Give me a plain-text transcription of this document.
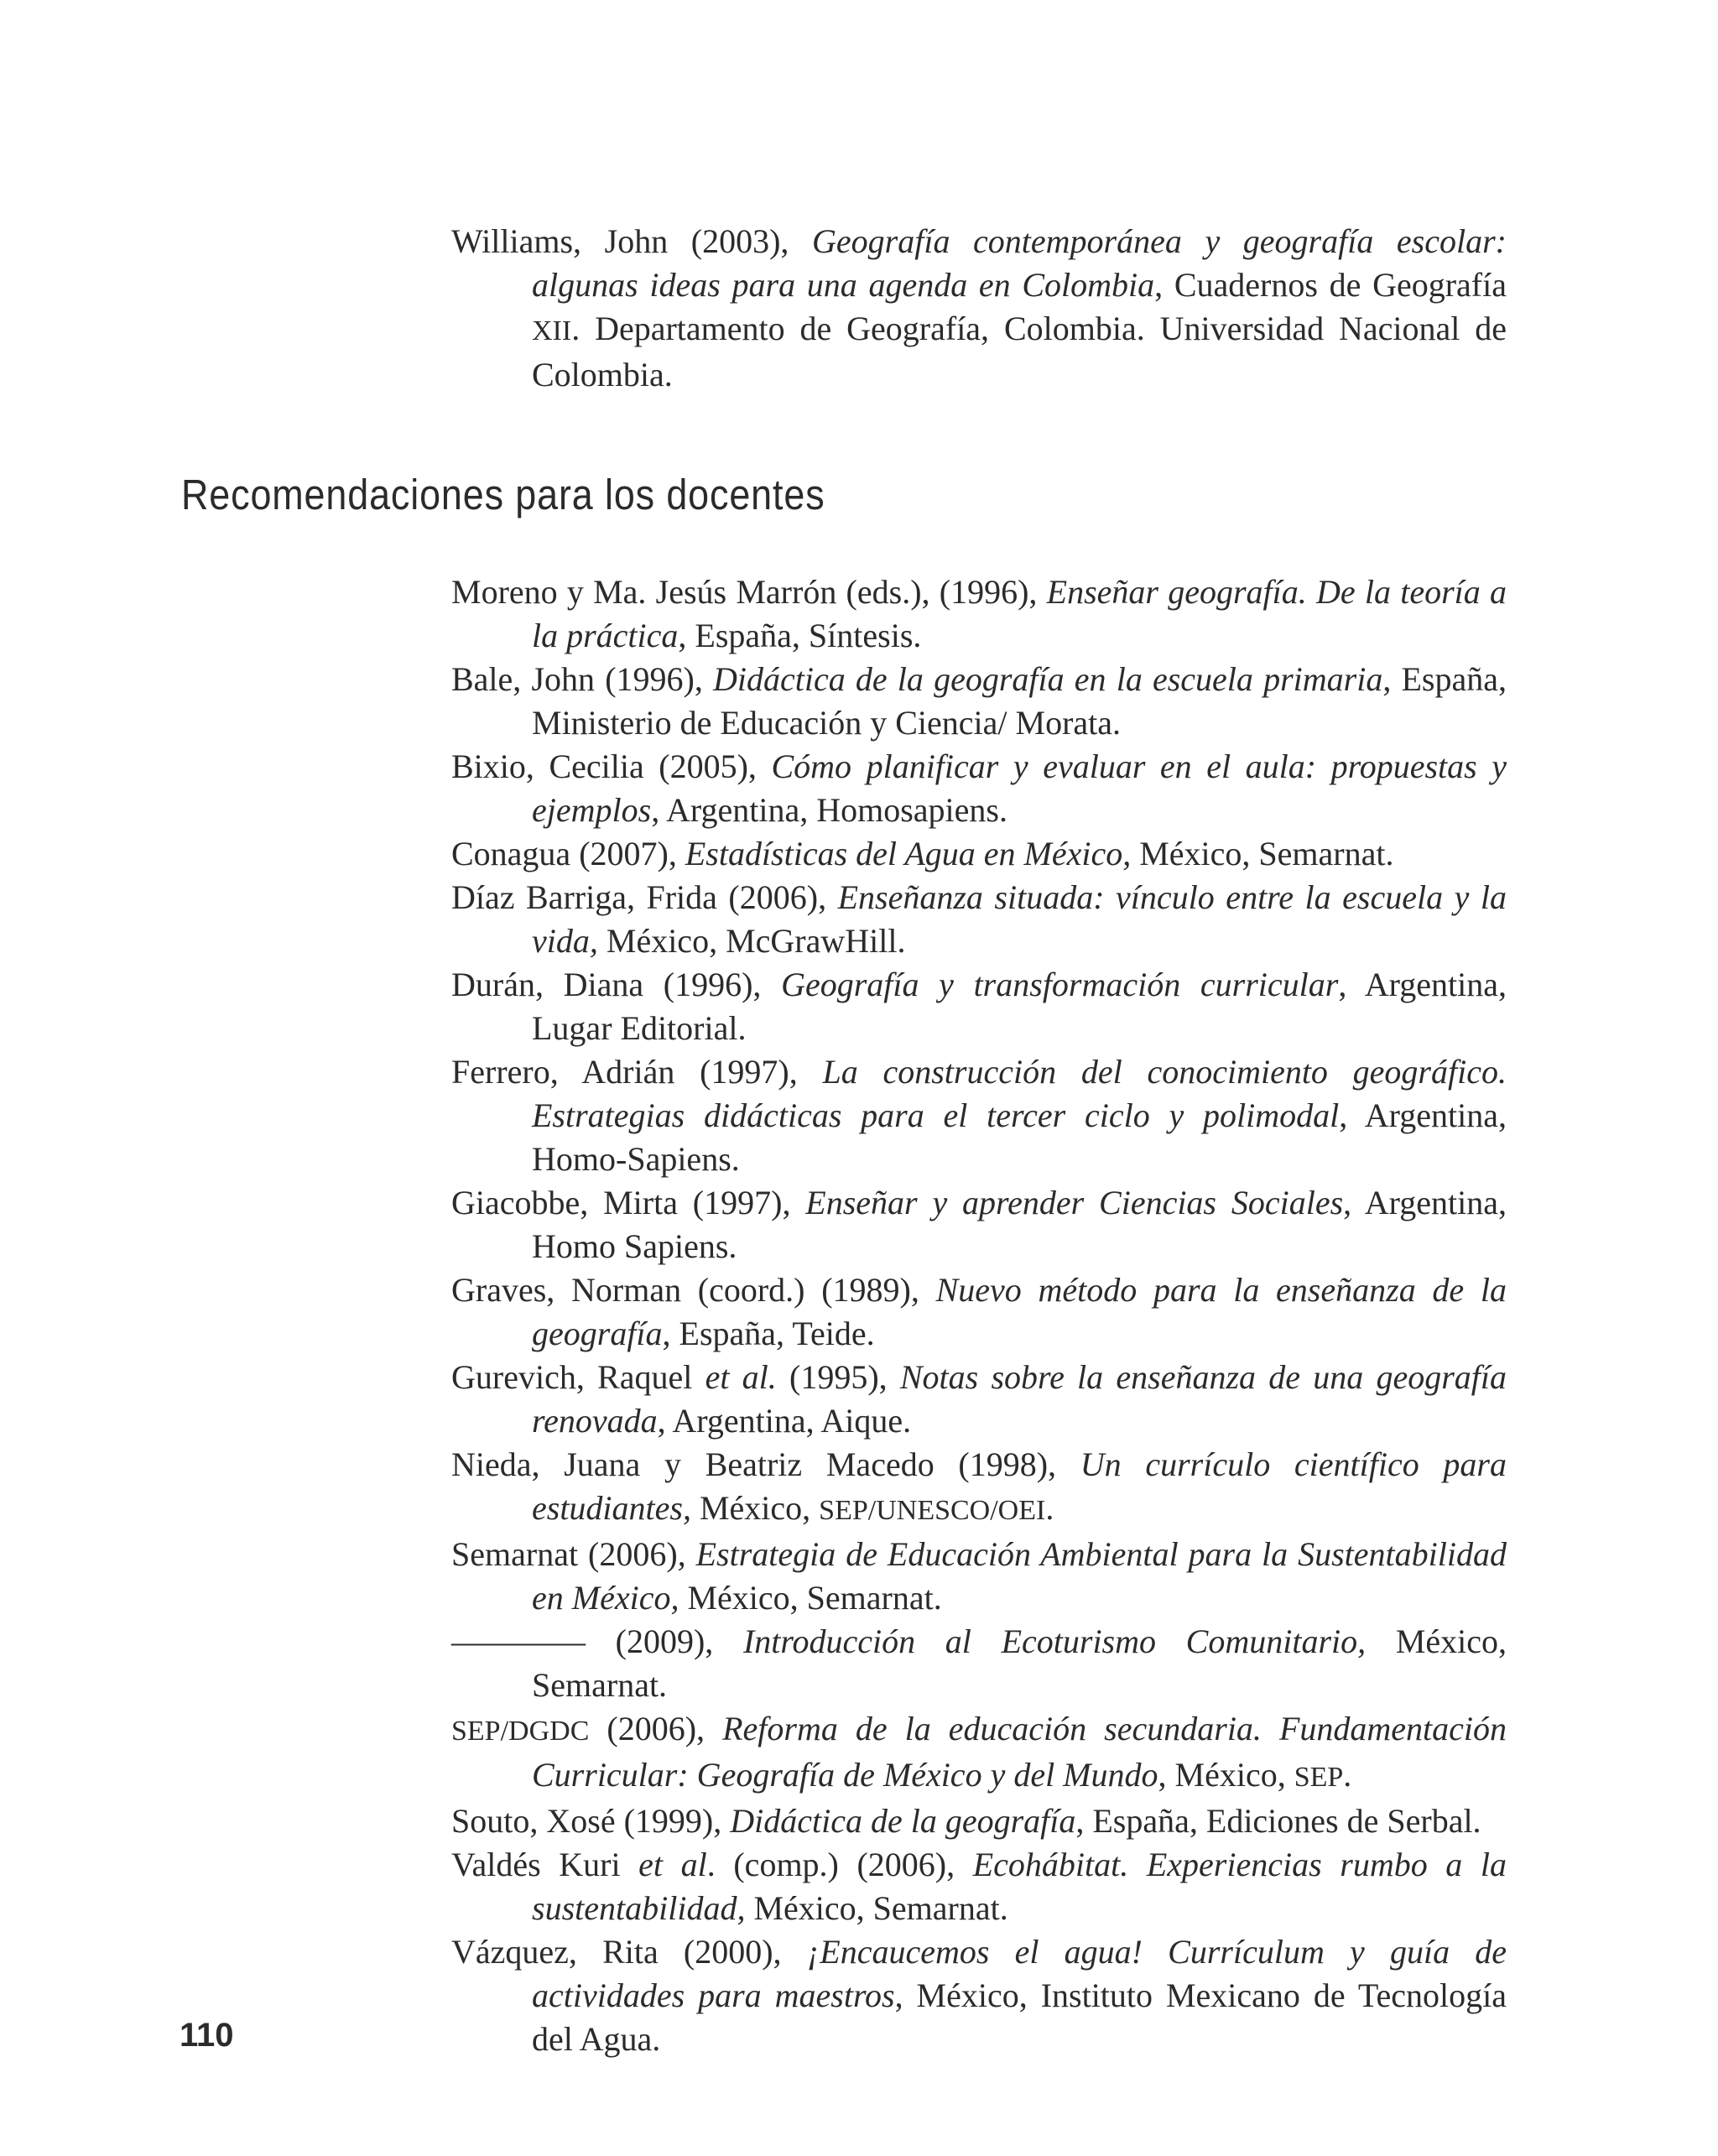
Williams, John (2003), Geografía contemporánea y geografía escolar: algunas ideas para una agenda en Colombia, Cuadernos de Geografía XII. Departamento de Geografía, Colombia. Universidad Nacional de Colombia.

Recomendaciones para los docentes

Moreno y Ma. Jesús Marrón (eds.), (1996), Enseñar geografía. De la teoría a la práctica, España, Síntesis.

Bale, John (1996), Didáctica de la geografía en la escuela primaria, España, Ministerio de Educación y Ciencia/ Morata.

Bixio, Cecilia (2005), Cómo planificar y evaluar en el aula: propuestas y ejemplos, Argentina, Homosapiens.

Conagua (2007), Estadísticas del Agua en México, México, Semarnat.

Díaz Barriga, Frida (2006), Enseñanza situada: vínculo entre la escuela y la vida, México, McGrawHill.

Durán, Diana (1996), Geografía y transformación curricular, Argentina, Lugar Editorial.

Ferrero, Adrián (1997), La construcción del conocimiento geográfico. Estrategias didácticas para el tercer ciclo y polimodal, Argentina, Homo-Sapiens.

Giacobbe, Mirta (1997), Enseñar y aprender Ciencias Sociales, Argentina, Homo Sapiens.

Graves, Norman (coord.) (1989), Nuevo método para la enseñanza de la geografía, España, Teide.

Gurevich, Raquel et al. (1995), Notas sobre la enseñanza de una geografía renovada, Argentina, Aique.

Nieda, Juana y Beatriz Macedo (1998), Un currículo científico para estudiantes, México, SEP/UNESCO/OEI.

Semarnat (2006), Estrategia de Educación Ambiental para la Sustentabilidad en México, México, Semarnat.

———— (2009), Introducción al Ecoturismo Comunitario, México, Semarnat.

SEP/DGDC (2006), Reforma de la educación secundaria. Fundamentación Curricular: Geografía de México y del Mundo, México, SEP.

Souto, Xosé (1999), Didáctica de la geografía, España, Ediciones de Serbal.

Valdés Kuri et al. (comp.) (2006), Ecohábitat. Experiencias rumbo a la sustentabilidad, México, Semarnat.

Vázquez, Rita (2000), ¡Encaucemos el agua! Currículum y guía de actividades para maestros, México, Instituto Mexicano de Tecnología del Agua.

110
